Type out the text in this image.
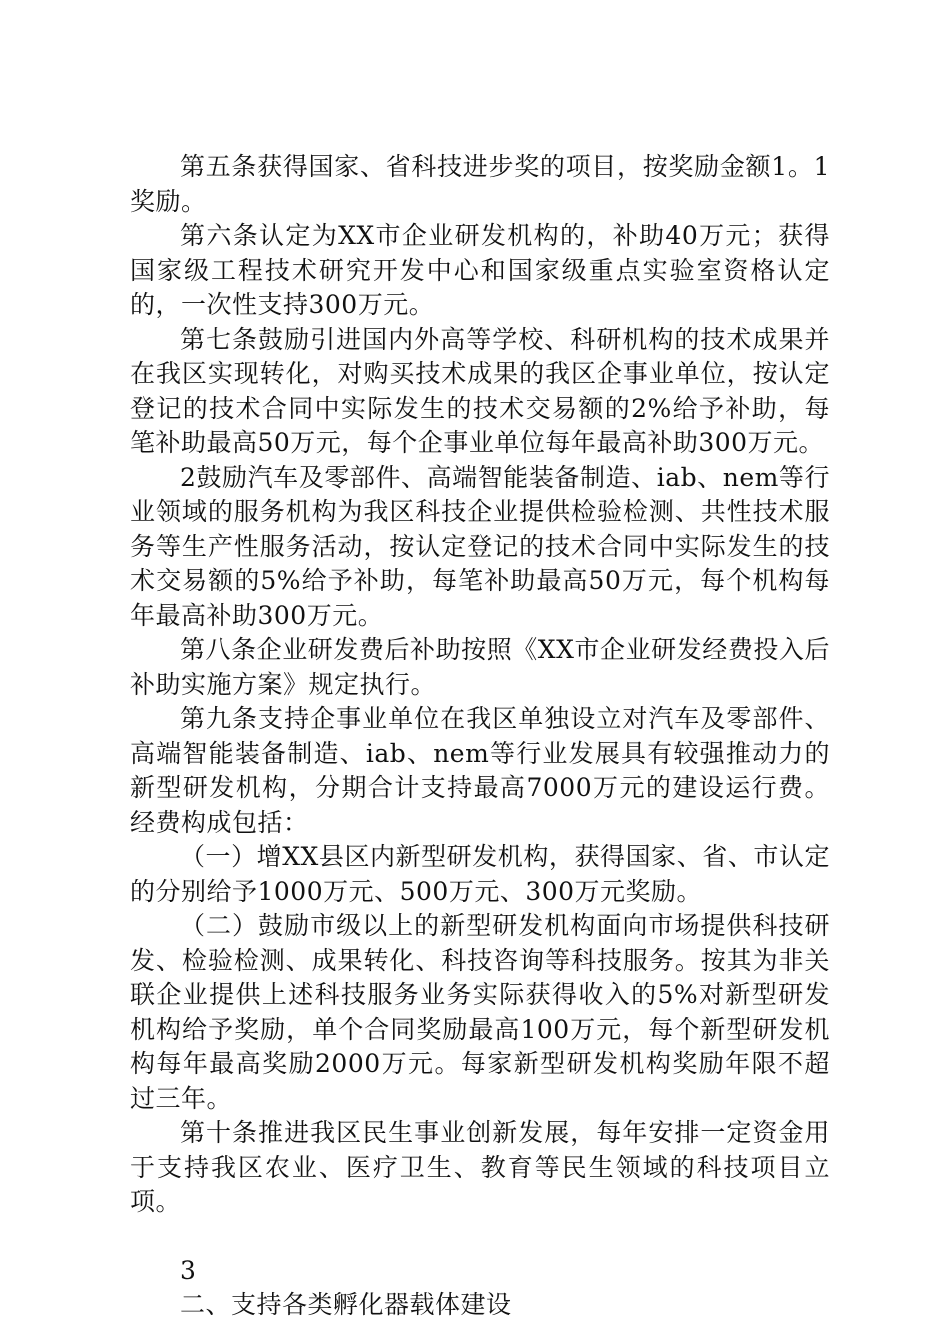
第五条获得国家、省科技进步奖的项目，按奖励金额1。1奖励。

第六条认定为XX市企业研发机构的，补助40万元；获得国家级工程技术研究开发中心和国家级重点实验室资格认定的，一次性支持300万元。

第七条鼓励引进国内外高等学校、科研机构的技术成果并在我区实现转化，对购买技术成果的我区企事业单位，按认定登记的技术合同中实际发生的技术交易额的2%给予补助，每笔补助最高50万元，每个企事业单位每年最高补助300万元。

2鼓励汽车及零部件、高端智能装备制造、iab、nem等行业领域的服务机构为我区科技企业提供检验检测、共性技术服务等生产性服务活动，按认定登记的技术合同中实际发生的技术交易额的5%给予补助，每笔补助最高50万元，每个机构每年最高补助300万元。

第八条企业研发费后补助按照《XX市企业研发经费投入后补助实施方案》规定执行。

第九条支持企事业单位在我区单独设立对汽车及零部件、高端智能装备制造、iab、nem等行业发展具有较强推动力的新型研发机构，分期合计支持最高7000万元的建设运行费。经费构成包括：

（一）增XX县区内新型研发机构，获得国家、省、市认定的分别给予1000万元、500万元、300万元奖励。

（二）鼓励市级以上的新型研发机构面向市场提供科技研发、检验检测、成果转化、科技咨询等科技服务。按其为非关联企业提供上述科技服务业务实际获得收入的5%对新型研发机构给予奖励，单个合同奖励最高100万元，每个新型研发机构每年最高奖励2000万元。每家新型研发机构奖励年限不超过三年。

第十条推进我区民生事业创新发展，每年安排一定资金用于支持我区农业、医疗卫生、教育等民生领域的科技项目立项。

3

二、支持各类孵化器载体建设
